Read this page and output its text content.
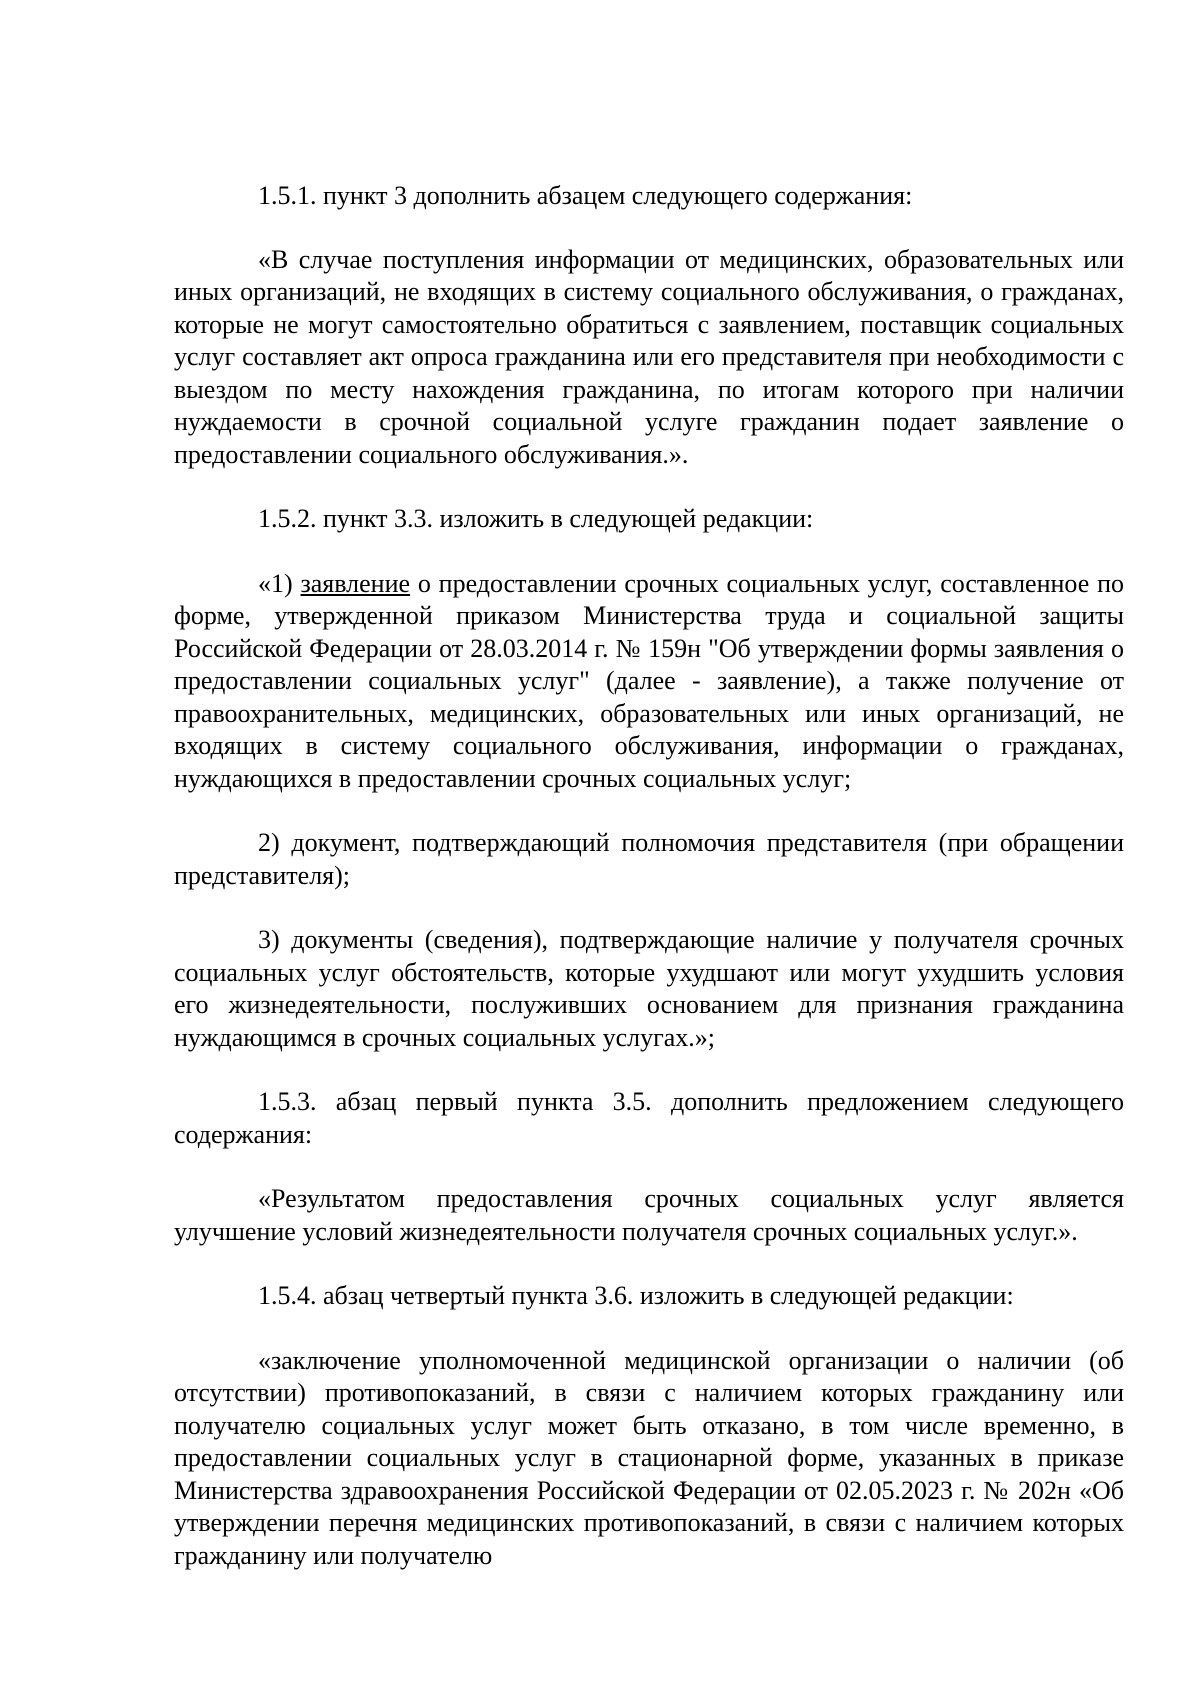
1.5.1. пункт 3 дополнить абзацем следующего содержания:

«В случае поступления информации от медицинских, образовательных или иных организаций, не входящих в систему социального обслуживания, о гражданах, которые не могут самостоятельно обратиться с заявлением, поставщик социальных услуг составляет акт опроса гражданина или его представителя при необходимости с выездом по месту нахождения гражданина, по итогам которого при наличии нуждаемости в срочной социальной услуге гражданин подает заявление о предоставлении социального обслуживания.».

1.5.2. пункт 3.3. изложить в следующей редакции:

«1) заявление о предоставлении срочных социальных услуг, составленное по форме, утвержденной приказом Министерства труда и социальной защиты Российской Федерации от 28.03.2014 г. № 159н "Об утверждении формы заявления о предоставлении социальных услуг" (далее - заявление), а также получение от правоохранительных, медицинских, образовательных или иных организаций, не входящих в систему социального обслуживания, информации о гражданах, нуждающихся в предоставлении срочных социальных услуг;

2) документ, подтверждающий полномочия представителя (при обращении представителя);

3) документы (сведения), подтверждающие наличие у получателя срочных социальных услуг обстоятельств, которые ухудшают или могут ухудшить условия его жизнедеятельности, послуживших основанием для признания гражданина нуждающимся в срочных социальных услугах.»;

1.5.3. абзац первый пункта 3.5. дополнить предложением следующего содержания:

«Результатом предоставления срочных социальных услуг является улучшение условий жизнедеятельности получателя срочных социальных услуг.».

1.5.4. абзац четвертый пункта 3.6. изложить в следующей редакции:

«заключение уполномоченной медицинской организации о наличии (об отсутствии) противопоказаний, в связи с наличием которых гражданину или получателю социальных услуг может быть отказано, в том числе временно, в предоставлении социальных услуг в стационарной форме, указанных в приказе Министерства здравоохранения Российской Федерации от 02.05.2023 г. № 202н «Об утверждении перечня медицинских противопоказаний, в связи с наличием которых гражданину или получателю
